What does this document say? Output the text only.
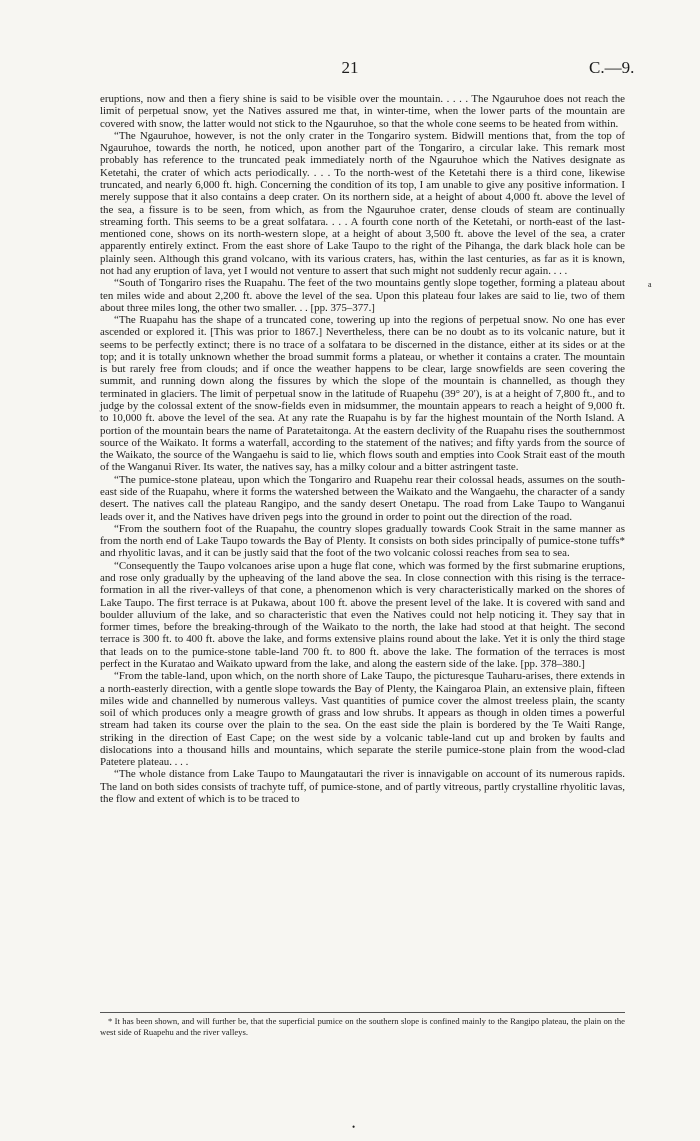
21	C.—9.

eruptions, now and then a fiery shine is said to be visible over the mountain. . . . . The Ngauruhoe does not reach the limit of perpetual snow, yet the Natives assured me that, in winter-time, when the lower parts of the mountain are covered with snow, the latter would not stick to the Ngauruhoe, so that the whole cone seems to be heated from within.

“The Ngauruhoe, however, is not the only crater in the Tongariro system. Bidwill mentions that, from the top of Ngauruhoe, towards the north, he noticed, upon another part of the Tongariro, a circular lake. This remark most probably has reference to the truncated peak immediately north of the Ngauruhoe which the Natives designate as Ketetahi, the crater of which acts periodically. . . . To the north-west of the Ketetahi there is a third cone, likewise truncated, and nearly 6,000 ft. high. Concerning the condition of its top, I am unable to give any positive information. I merely suppose that it also contains a deep crater. On its northern side, at a height of about 4,000 ft. above the level of the sea, a fissure is to be seen, from which, as from the Ngauruhoe crater, dense clouds of steam are continually streaming forth. This seems to be a great solfatara. . . . A fourth cone north of the Ketetahi, or north-east of the last-mentioned cone, shows on its north-western slope, at a height of about 3,500 ft. above the level of the sea, a crater apparently entirely extinct. From the east shore of Lake Taupo to the right of the Pihanga, the dark black hole can be plainly seen. Although this grand volcano, with its various craters, has, within the last centuries, as far as it is known, not had any eruption of lava, yet I would not venture to assert that such might not suddenly recur again. . . .

“South of Tongariro rises the Ruapahu. The feet of the two mountains gently slope together, forming a plateau about ten miles wide and about 2,200 ft. above the level of the sea. Upon this plateau four lakes are said to lie, two of them about three miles long, the other two smaller. . . [pp. 375–377.]

“The Ruapahu has the shape of a truncated cone, towering up into the regions of perpetual snow. No one has ever ascended or explored it. [This was prior to 1867.] Nevertheless, there can be no doubt as to its volcanic nature, but it seems to be perfectly extinct; there is no trace of a solfatara to be discerned in the distance, either at its sides or at the top; and it is totally unknown whether the broad summit forms a plateau, or whether it contains a crater. The mountain is but rarely free from clouds; and if once the weather happens to be clear, large snowfields are seen covering the summit, and running down along the fissures by which the slope of the mountain is channelled, as though they terminated in glaciers. The limit of perpetual snow in the latitude of Ruapehu (39° 20'), is at a height of 7,800 ft., and to judge by the colossal extent of the snow-fields even in midsummer, the mountain appears to reach a height of 9,000 ft. to 10,000 ft. above the level of the sea. At any rate the Ruapahu is by far the highest mountain of the North Island. A portion of the mountain bears the name of Paratetaitonga. At the eastern declivity of the Ruapahu rises the southernmost source of the Waikato. It forms a waterfall, according to the statement of the natives; and fifty yards from the source of the Waikato, the source of the Wangaehu is said to lie, which flows south and empties into Cook Strait east of the mouth of the Wanganui River. Its water, the natives say, has a milky colour and a bitter astringent taste.

“The pumice-stone plateau, upon which the Tongariro and Ruapehu rear their colossal heads, assumes on the south-east side of the Ruapahu, where it forms the watershed between the Waikato and the Wangaehu, the character of a sandy desert. The natives call the plateau Rangipo, and the sandy desert Onetapu. The road from Lake Taupo to Wanganui leads over it, and the Natives have driven pegs into the ground in order to point out the direction of the road.

“From the southern foot of the Ruapahu, the country slopes gradually towards Cook Strait in the same manner as from the north end of Lake Taupo towards the Bay of Plenty. It consists on both sides principally of pumice-stone tuffs* and rhyolitic lavas, and it can be justly said that the foot of the two volcanic colossi reaches from sea to sea.

“Consequently the Taupo volcanoes arise upon a huge flat cone, which was formed by the first submarine eruptions, and rose only gradually by the upheaving of the land above the sea. In close connection with this rising is the terrace-formation in all the river-valleys of that cone, a phenomenon which is very characteristically marked on the shores of Lake Taupo. The first terrace is at Pukawa, about 100 ft. above the present level of the lake. It is covered with sand and boulder alluvium of the lake, and so characteristic that even the Natives could not help noticing it. They say that in former times, before the breaking-through of the Waikato to the north, the lake had stood at that height. The second terrace is 300 ft. to 400 ft. above the lake, and forms extensive plains round about the lake. Yet it is only the third stage that leads on to the pumice-stone table-land 700 ft. to 800 ft. above the lake. The formation of the terraces is most perfect in the Kuratao and Waikato upward from the lake, and along the eastern side of the lake. [pp. 378–380.]

“From the table-land, upon which, on the north shore of Lake Taupo, the picturesque Tauharu-arises, there extends in a north-easterly direction, with a gentle slope towards the Bay of Plenty, the Kaingaroa Plain, an extensive plain, fifteen miles wide and channelled by numerous valleys. Vast quantities of pumice cover the almost treeless plain, the scanty soil of which produces only a meagre growth of grass and low shrubs. It appears as though in olden times a powerful stream had taken its course over the plain to the sea. On the east side the plain is bordered by the Te Waiti Range, striking in the direction of East Cape; on the west side by a volcanic table-land cut up and broken by faults and dislocations into a thousand hills and mountains, which separate the sterile pumice-stone plain from the wood-clad Patetere plateau. . . .

“The whole distance from Lake Taupo to Maungatautari the river is innavigable on account of its numerous rapids. The land on both sides consists of trachyte tuff, of pumice-stone, and of partly vitreous, partly crystalline rhyolitic lavas, the flow and extent of which is to be traced to

* It has been shown, and will further be, that the superficial pumice on the southern slope is confined mainly to the Rangipo plateau, the plain on the west side of Ruapehu and the river valleys.
a
•
